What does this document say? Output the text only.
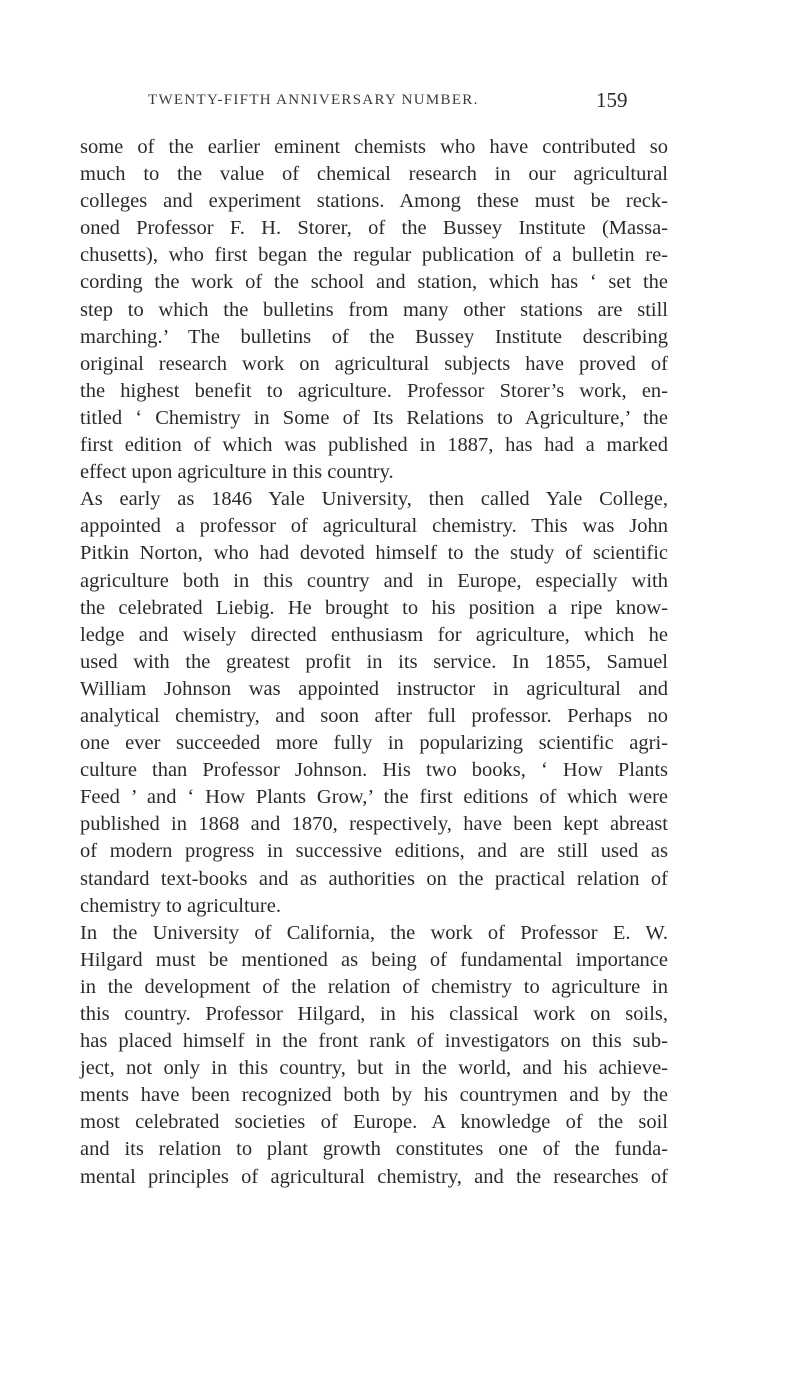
TWENTY-FIFTH ANNIVERSARY NUMBER.	159
some of the earlier eminent chemists who have contributed so
much to the value of chemical research in our agricultural
colleges and experiment stations. Among these must be reck-
oned Professor F. H. Storer, of the Bussey Institute (Massa-
chusetts), who first began the regular publication of a bulletin re-
cording the work of the school and station, which has ‘ set the
step to which the bulletins from many other stations are still
marching.’ The bulletins of the Bussey Institute describing
original research work on agricultural subjects have proved of
the highest benefit to agriculture. Professor Storer’s work, en-
titled ‘ Chemistry in Some of Its Relations to Agriculture,’ the
first edition of which was published in 1887, has had a marked
effect upon agriculture in this country.
As early as 1846 Yale University, then called Yale College,
appointed a professor of agricultural chemistry. This was John
Pitkin Norton, who had devoted himself to the study of scientific
agriculture both in this country and in Europe, especially with
the celebrated Liebig. He brought to his position a ripe know-
ledge and wisely directed enthusiasm for agriculture, which he
used with the greatest profit in its service. In 1855, Samuel
William Johnson was appointed instructor in agricultural and
analytical chemistry, and soon after full professor. Perhaps no
one ever succeeded more fully in popularizing scientific agri-
culture than Professor Johnson. His two books, ‘ How Plants
Feed ’ and ‘ How Plants Grow,’ the first editions of which were
published in 1868 and 1870, respectively, have been kept abreast
of modern progress in successive editions, and are still used as
standard text-books and as authorities on the practical relation of
chemistry to agriculture.
In the University of California, the work of Professor E. W.
Hilgard must be mentioned as being of fundamental importance
in the development of the relation of chemistry to agriculture in
this country. Professor Hilgard, in his classical work on soils,
has placed himself in the front rank of investigators on this sub-
ject, not only in this country, but in the world, and his achieve-
ments have been recognized both by his countrymen and by the
most celebrated societies of Europe. A knowledge of the soil
and its relation to plant growth constitutes one of the funda-
mental principles of agricultural chemistry, and the researches of
